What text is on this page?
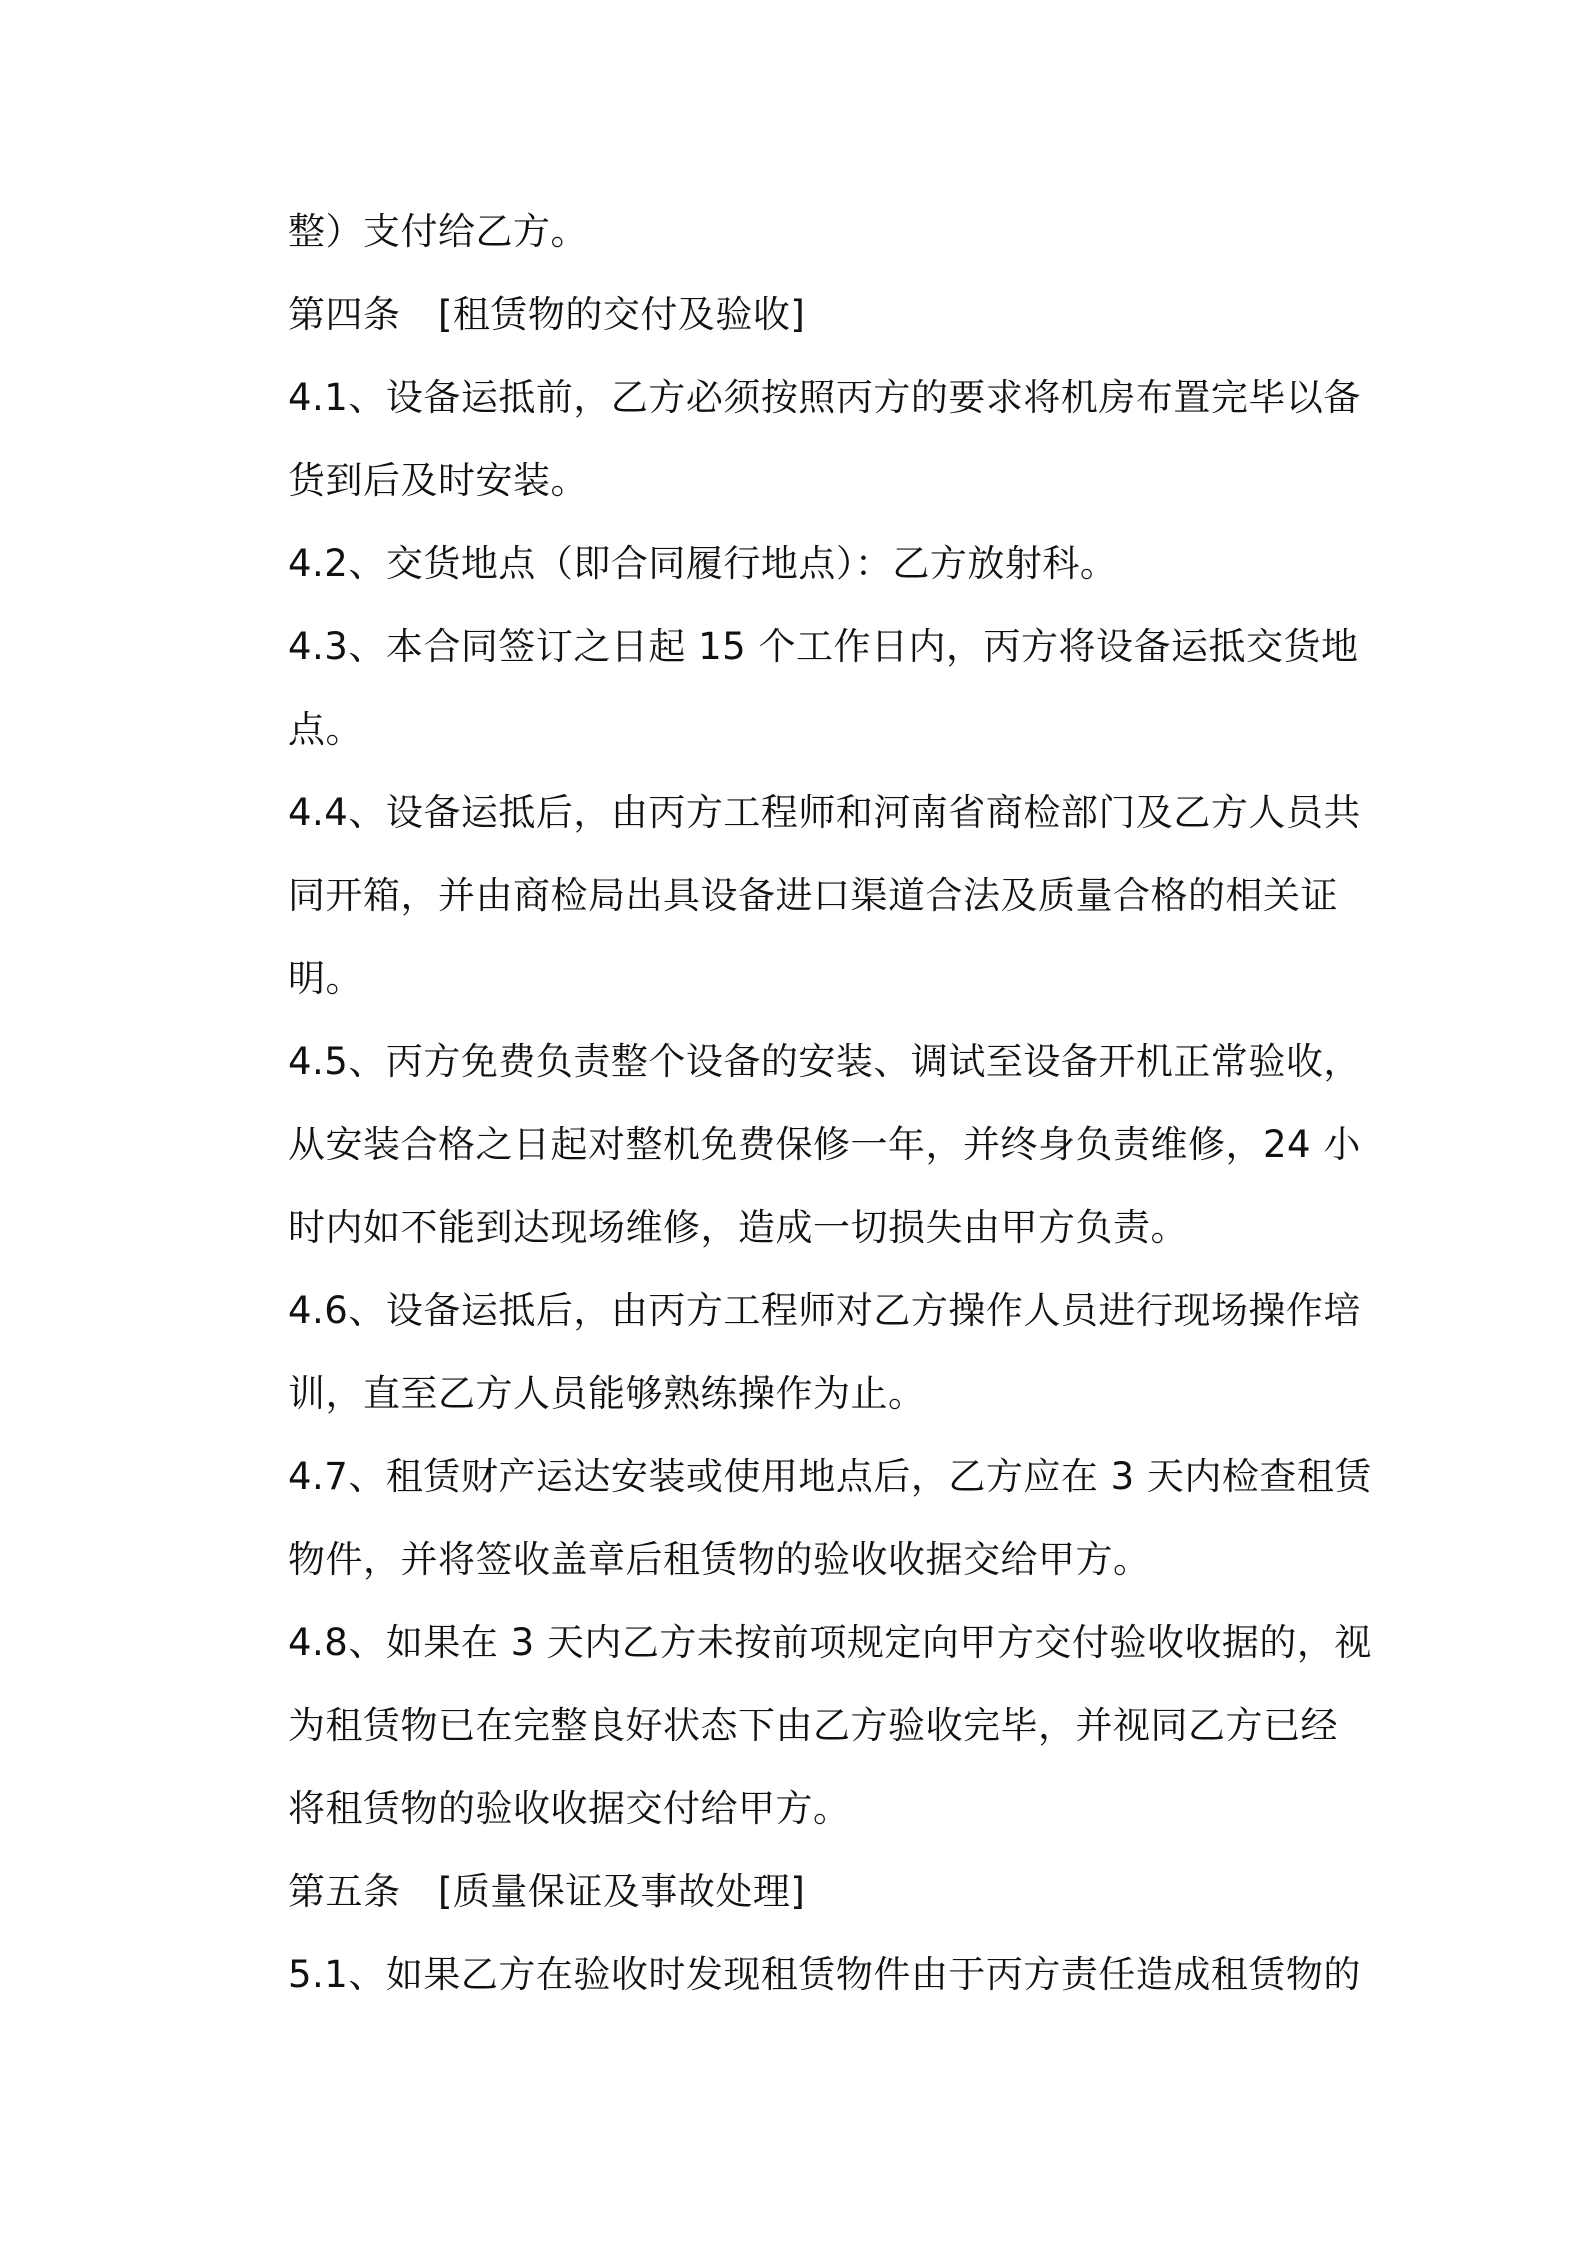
整）支付给乙方。
第四条　[租赁物的交付及验收]
4.1、设备运抵前，乙方必须按照丙方的要求将机房布置完毕以备
货到后及时安装。
4.2、交货地点（即合同履行地点）：乙方放射科。
4.3、本合同签订之日起 15 个工作日内，丙方将设备运抵交货地
点。
4.4、设备运抵后，由丙方工程师和河南省商检部门及乙方人员共
同开箱，并由商检局出具设备进口渠道合法及质量合格的相关证
明。
4.5、丙方免费负责整个设备的安装、调试至设备开机正常验收，
从安装合格之日起对整机免费保修一年，并终身负责维修，24 小
时内如不能到达现场维修，造成一切损失由甲方负责。
4.6、设备运抵后，由丙方工程师对乙方操作人员进行现场操作培
训，直至乙方人员能够熟练操作为止。
4.7、租赁财产运达安装或使用地点后，乙方应在 3 天内检查租赁
物件，并将签收盖章后租赁物的验收收据交给甲方。
4.8、如果在 3 天内乙方未按前项规定向甲方交付验收收据的，视
为租赁物已在完整良好状态下由乙方验收完毕，并视同乙方已经
将租赁物的验收收据交付给甲方。
第五条　[质量保证及事故处理]
5.1、如果乙方在验收时发现租赁物件由于丙方责任造成租赁物的
